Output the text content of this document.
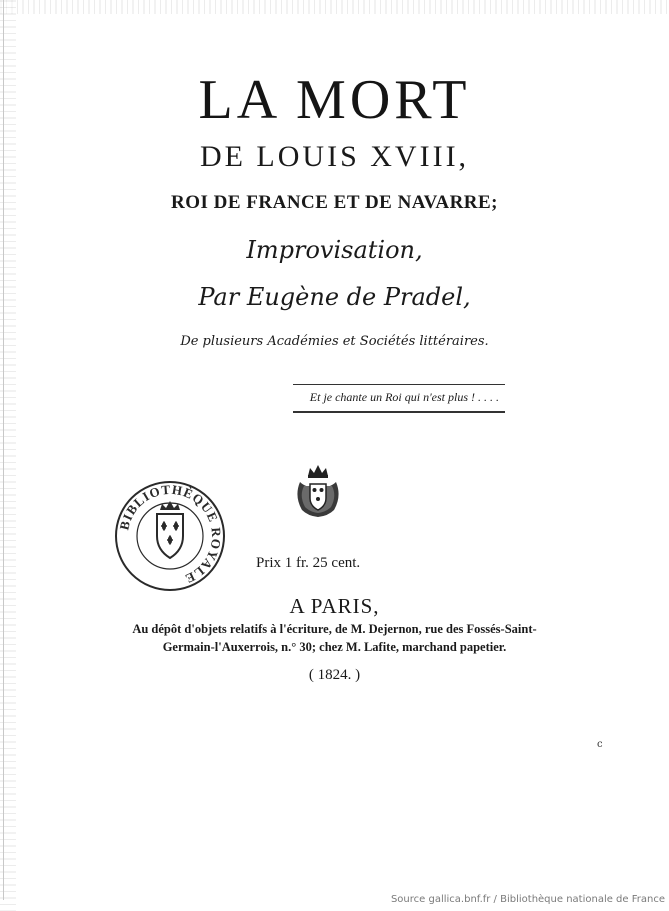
LA MORT
DE LOUIS XVIII,
ROI DE FRANCE ET DE NAVARRE;
Improvisation,
Par Eugène de Pradel,
De plusieurs Académies et Sociétés littéraires.
Et je chante un Roi qui n'est plus ! . . . .
BIBLIOTHÈQUE ROYALE
Prix 1 fr. 25 cent.
A PARIS,
Au dépôt d'objets relatifs à l'écriture, de M. Dejernon, rue des Fossés-Saint-
Germain-l'Auxerrois, n.° 30; chez M. Lafite, marchand papetier.
( 1824. )
c
Source gallica.bnf.fr / Bibliothèque nationale de France
